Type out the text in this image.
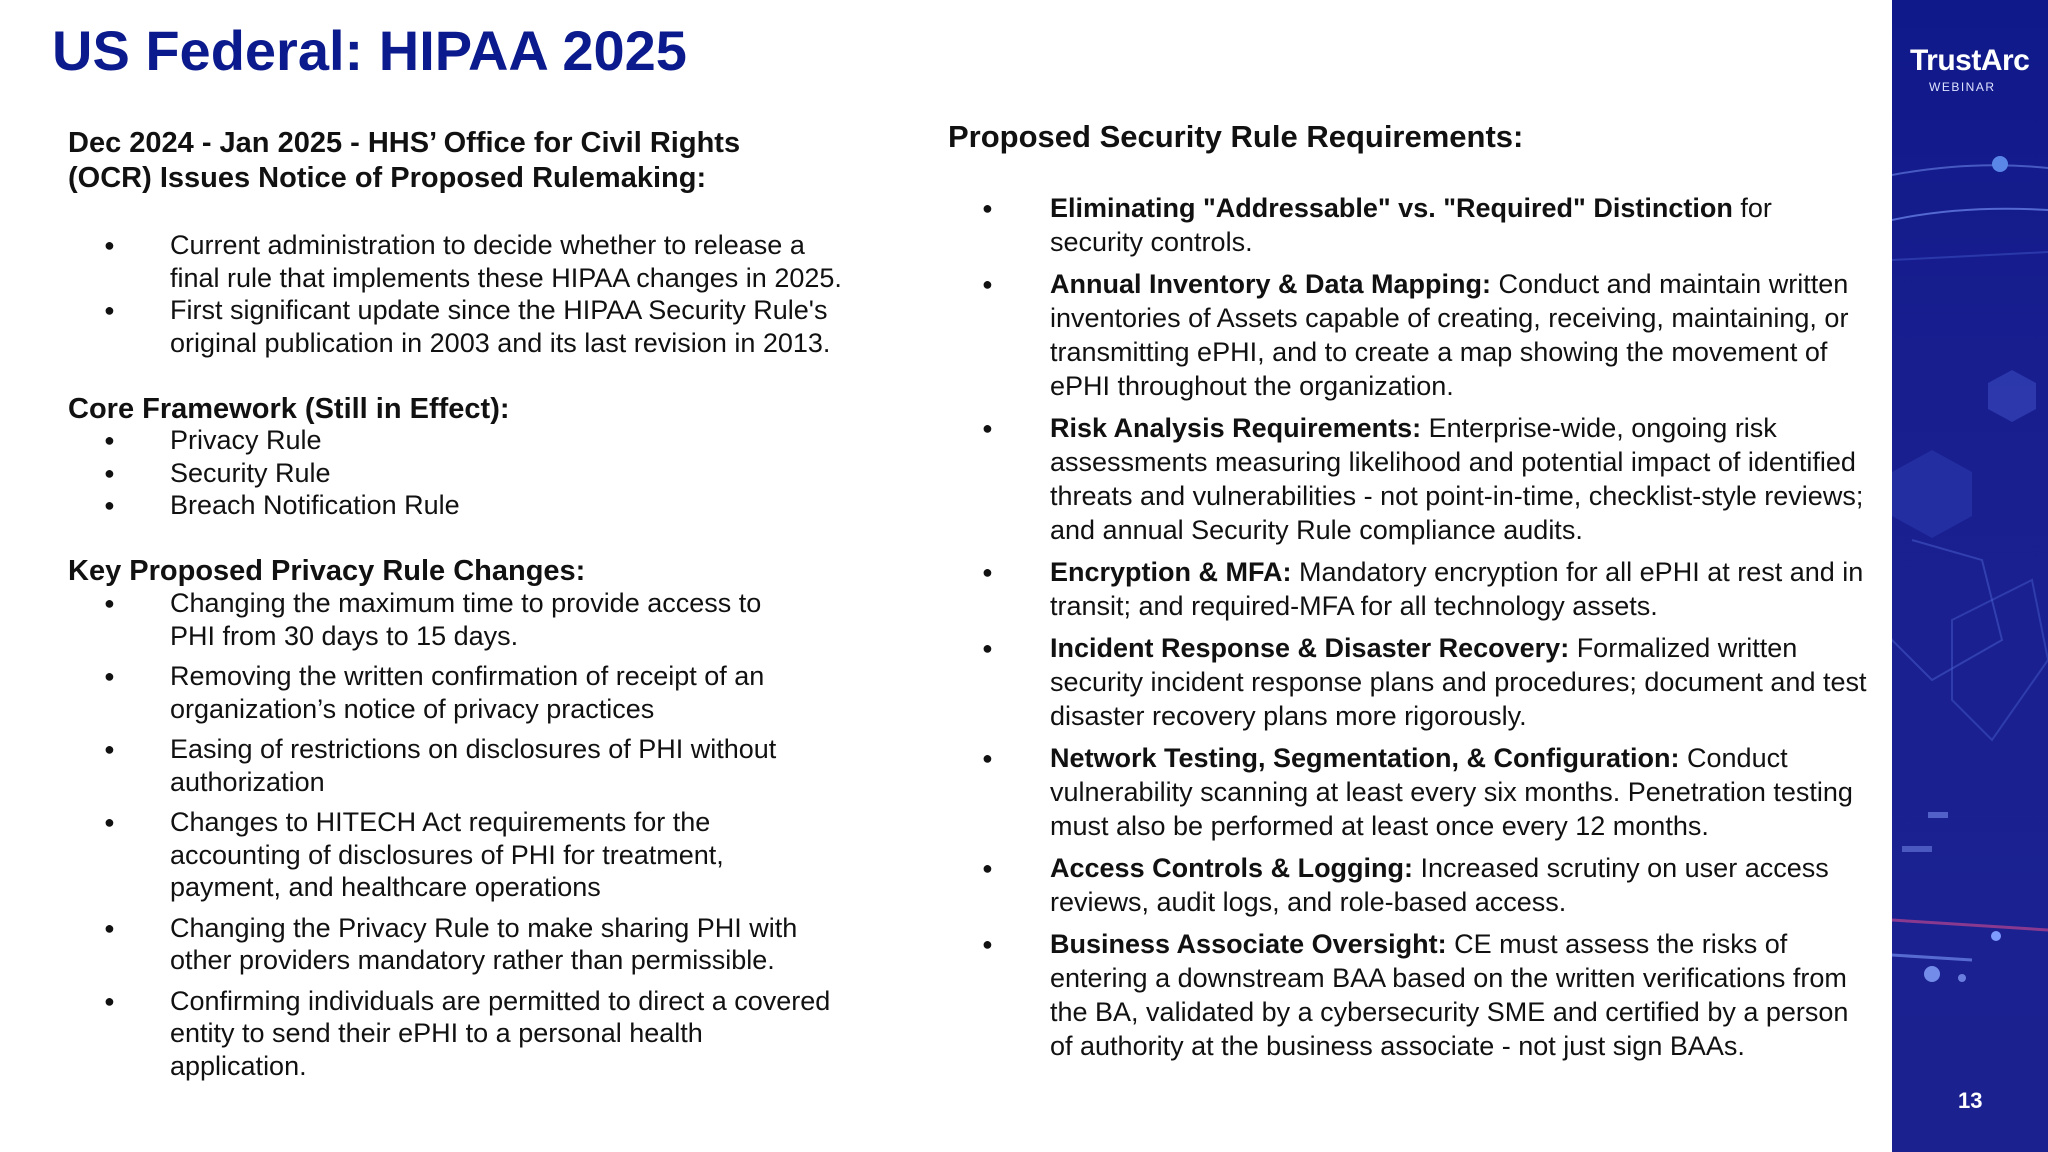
US Federal: HIPAA 2025
Dec 2024 - Jan 2025 - HHS’ Office for Civil Rights
(OCR) Issues Notice of Proposed Rulemaking:
● Current administration to decide whether to release a
final rule that implements these HIPAA changes in 2025.
● First significant update since the HIPAA Security Rule's
original publication in 2003 and its last revision in 2013.
Core Framework (Still in Effect):
● Privacy Rule
● Security Rule
● Breach Notification Rule
Key Proposed Privacy Rule Changes:
● Changing the maximum time to provide access to
PHI from 30 days to 15 days.
● Removing the written confirmation of receipt of an
organization’s notice of privacy practices
● Easing of restrictions on disclosures of PHI without
authorization
● Changes to HITECH Act requirements for the
accounting of disclosures of PHI for treatment,
payment, and healthcare operations
● Changing the Privacy Rule to make sharing PHI with
other providers mandatory rather than permissible.
● Confirming individuals are permitted to direct a covered
entity to send their ePHI to a personal health
application.
Proposed Security Rule Requirements:
● Eliminating "Addressable" vs. "Required" Distinction for security controls.
● Annual Inventory & Data Mapping: Conduct and maintain written inventories of Assets capable of creating, receiving, maintaining, or transmitting ePHI, and to create a map showing the movement of ePHI throughout the organization.
● Risk Analysis Requirements: Enterprise-wide, ongoing risk assessments measuring likelihood and potential impact of identified threats and vulnerabilities - not point-in-time, checklist-style reviews; and annual Security Rule compliance audits.
● Encryption & MFA: Mandatory encryption for all ePHI at rest and in transit; and required-MFA for all technology assets.
● Incident Response & Disaster Recovery: Formalized written security incident response plans and procedures; document and test disaster recovery plans more rigorously.
● Network Testing, Segmentation, & Configuration: Conduct vulnerability scanning at least every six months. Penetration testing must also be performed at least once every 12 months.
● Access Controls & Logging: Increased scrutiny on user access reviews, audit logs, and role-based access.
● Business Associate Oversight: CE must assess the risks of entering a downstream BAA based on the written verifications from the BA, validated by a cybersecurity SME and certified by a person of authority at the business associate - not just sign BAAs.
TrustArc
WEBINAR
13
